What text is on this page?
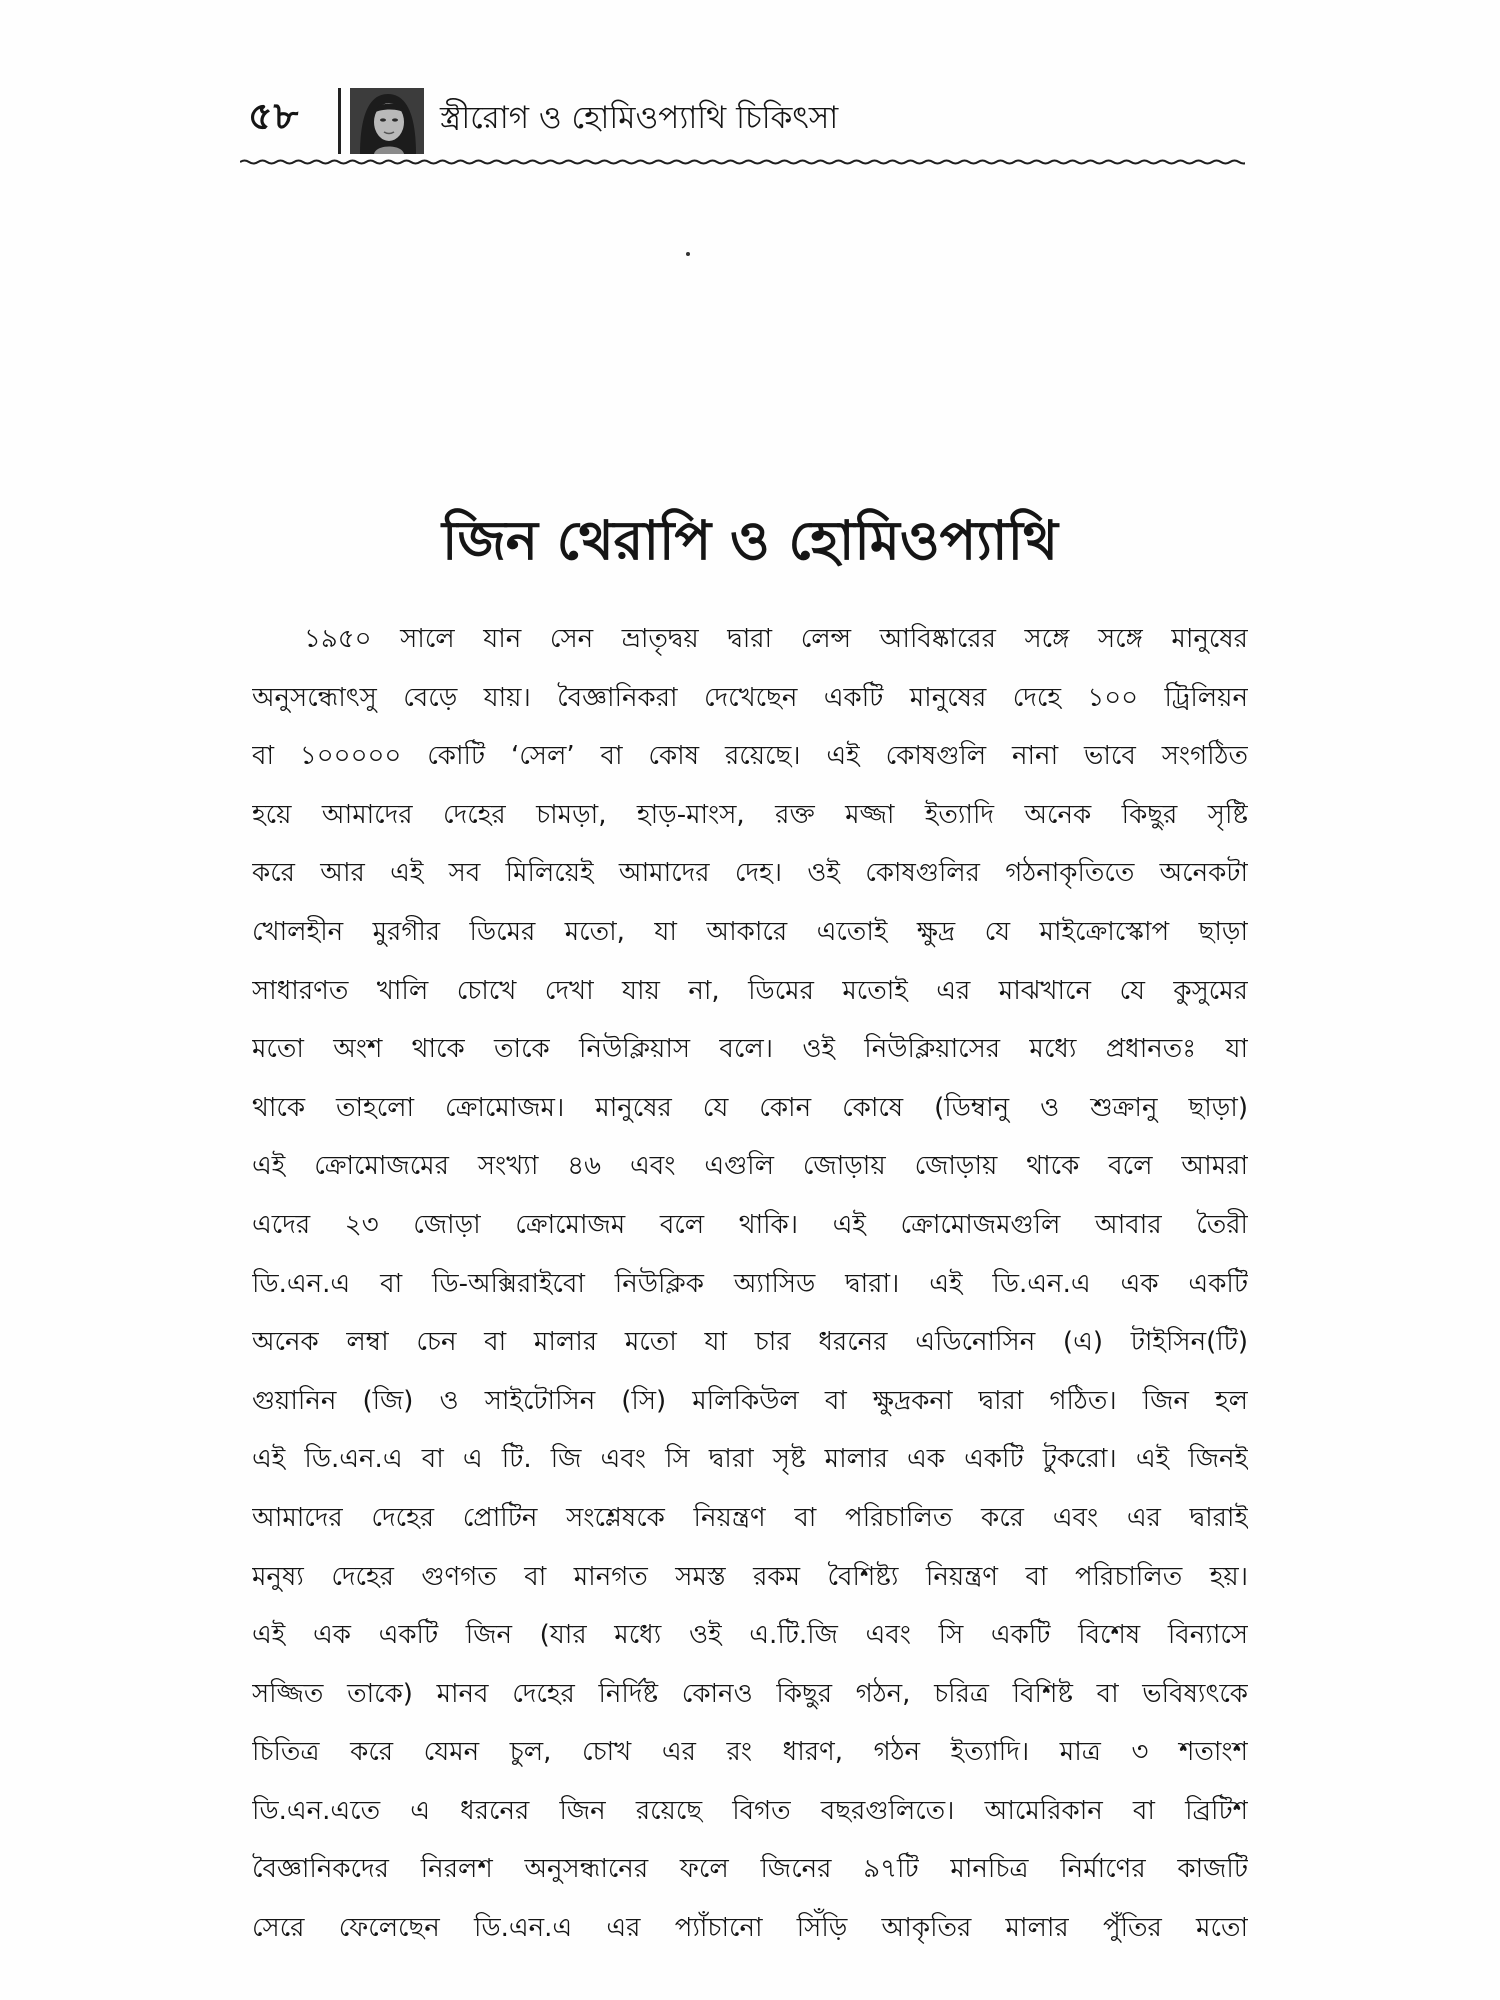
৫৮	স্ত্রীরোগ ও হোমিওপ্যাথি চিকিৎসা
জিন থেরাপি ও হোমিওপ্যাথি
১৯৫০ সালে যান সেন ভ্রাতৃদ্বয় দ্বারা লেন্স আবিষ্কারের সঙ্গে সঙ্গে মানুষের
অনুসন্ধোৎসু বেড়ে যায়। বৈজ্ঞানিকরা দেখেছেন একটি মানুষের দেহে ১০০ ট্রিলিয়ন
বা ১০০০০০ কোটি ‘সেল’ বা কোষ রয়েছে। এই কোষগুলি নানা ভাবে সংগঠিত
হয়ে আমাদের দেহের চামড়া, হাড়-মাংস, রক্ত মজ্জা ইত্যাদি অনেক কিছুর সৃষ্টি
করে আর এই সব মিলিয়েই আমাদের দেহ। ওই কোষগুলির গঠনাকৃতিতে অনেকটা
খোলহীন মুরগীর ডিমের মতো, যা আকারে এতোই ক্ষুদ্র যে মাইক্রোস্কোপ ছাড়া
সাধারণত খালি চোখে দেখা যায় না, ডিমের মতোই এর মাঝখানে যে কুসুমের
মতো অংশ থাকে তাকে নিউক্লিয়াস বলে। ওই নিউক্লিয়াসের মধ্যে প্রধানতঃ যা
থাকে তাহলো ক্রোমোজম। মানুষের যে কোন কোষে (ডিম্বানু ও শুক্রানু ছাড়া)
এই ক্রোমোজমের সংখ্যা ৪৬ এবং এগুলি জোড়ায় জোড়ায় থাকে বলে আমরা
এদের ২৩ জোড়া ক্রোমোজম বলে থাকি। এই ক্রোমোজমগুলি আবার তৈরী
ডি.এন.এ বা ডি-অক্সিরাইবো নিউক্লিক অ্যাসিড দ্বারা। এই ডি.এন.এ এক একটি
অনেক লম্বা চেন বা মালার মতো যা চার ধরনের এডিনোসিন (এ) টাইসিন(টি)
গুয়ানিন (জি) ও সাইটোসিন (সি) মলিকিউল বা ক্ষুদ্রকনা দ্বারা গঠিত। জিন হল
এই ডি.এন.এ বা এ টি. জি এবং সি দ্বারা সৃষ্ট মালার এক একটি টুকরো। এই জিনই
আমাদের দেহের প্রোটিন সংশ্লেষকে নিয়ন্ত্রণ বা পরিচালিত করে এবং এর দ্বারাই
মনুষ্য দেহের গুণগত বা মানগত সমস্ত রকম বৈশিষ্ট্য নিয়ন্ত্রণ বা পরিচালিত হয়।
এই এক একটি জিন (যার মধ্যে ওই এ.টি.জি এবং সি একটি বিশেষ বিন্যাসে
সজ্জিত তাকে) মানব দেহের নির্দিষ্ট কোনও কিছুর গঠন, চরিত্র বিশিষ্ট বা ভবিষ্যৎকে
চিতিত্র করে যেমন চুল, চোখ এর রং ধারণ, গঠন ইত্যাদি। মাত্র ৩ শতাংশ
ডি.এন.এতে এ ধরনের জিন রয়েছে বিগত বছরগুলিতে। আমেরিকান বা ব্রিটিশ
বৈজ্ঞানিকদের নিরলশ অনুসন্ধানের ফলে জিনের ৯৭টি মানচিত্র নির্মাণের কাজটি
সেরে ফেলেছেন ডি.এন.এ এর প্যাঁচানো সিঁড়ি আকৃতির মালার পুঁতির মতো
